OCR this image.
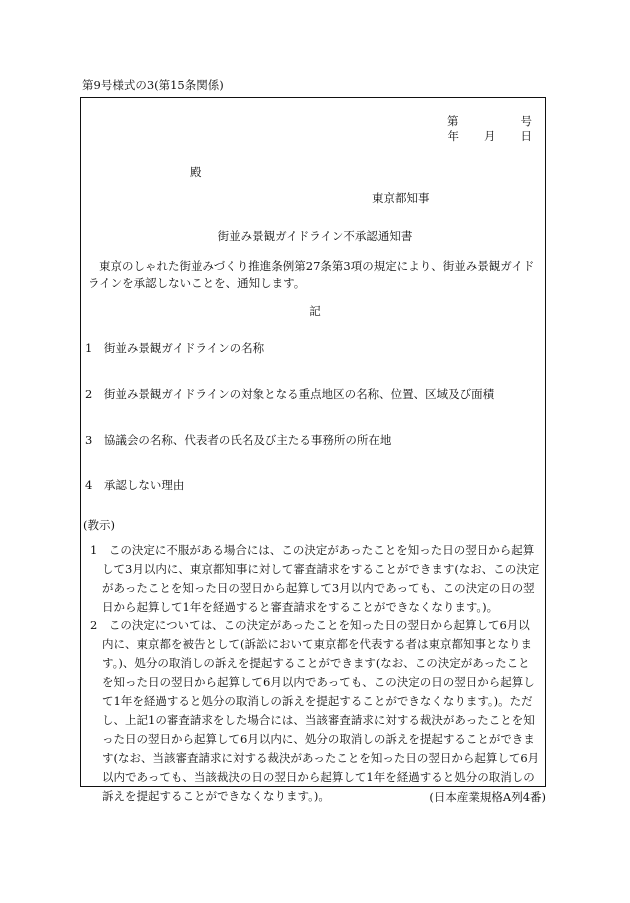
第9号様式の3(第15条関係)
第	号
年 月 日
殿
東京都知事
街並み景観ガイドライン不承認通知書
東京のしゃれた街並みづくり推進条例第27条第3項の規定により、街並み景観ガイドラインを承認しないことを、通知します。
記
1　街並み景観ガイドラインの名称
2　街並み景観ガイドラインの対象となる重点地区の名称、位置、区域及び面積
3　協議会の名称、代表者の氏名及び主たる事務所の所在地
4　承認しない理由
(教示)
1　この決定に不服がある場合には、この決定があったことを知った日の翌日から起算して3月以内に、東京都知事に対して審査請求をすることができます(なお、この決定があったことを知った日の翌日から起算して3月以内であっても、この決定の日の翌日から起算して1年を経過すると審査請求をすることができなくなります。)。
2　この決定については、この決定があったことを知った日の翌日から起算して6月以内に、東京都を被告として(訴訟において東京都を代表する者は東京都知事となります。)、処分の取消しの訴えを提起することができます(なお、この決定があったことを知った日の翌日から起算して6月以内であっても、この決定の日の翌日から起算して1年を経過すると処分の取消しの訴えを提起することができなくなります。)。ただし、上記1の審査請求をした場合には、当該審査請求に対する裁決があったことを知った日の翌日から起算して6月以内に、処分の取消しの訴えを提起することができます(なお、当該審査請求に対する裁決があったことを知った日の翌日から起算して6月以内であっても、当該裁決の日の翌日から起算して1年を経過すると処分の取消しの訴えを提起することができなくなります。)。	(日本産業規格A列4番)
